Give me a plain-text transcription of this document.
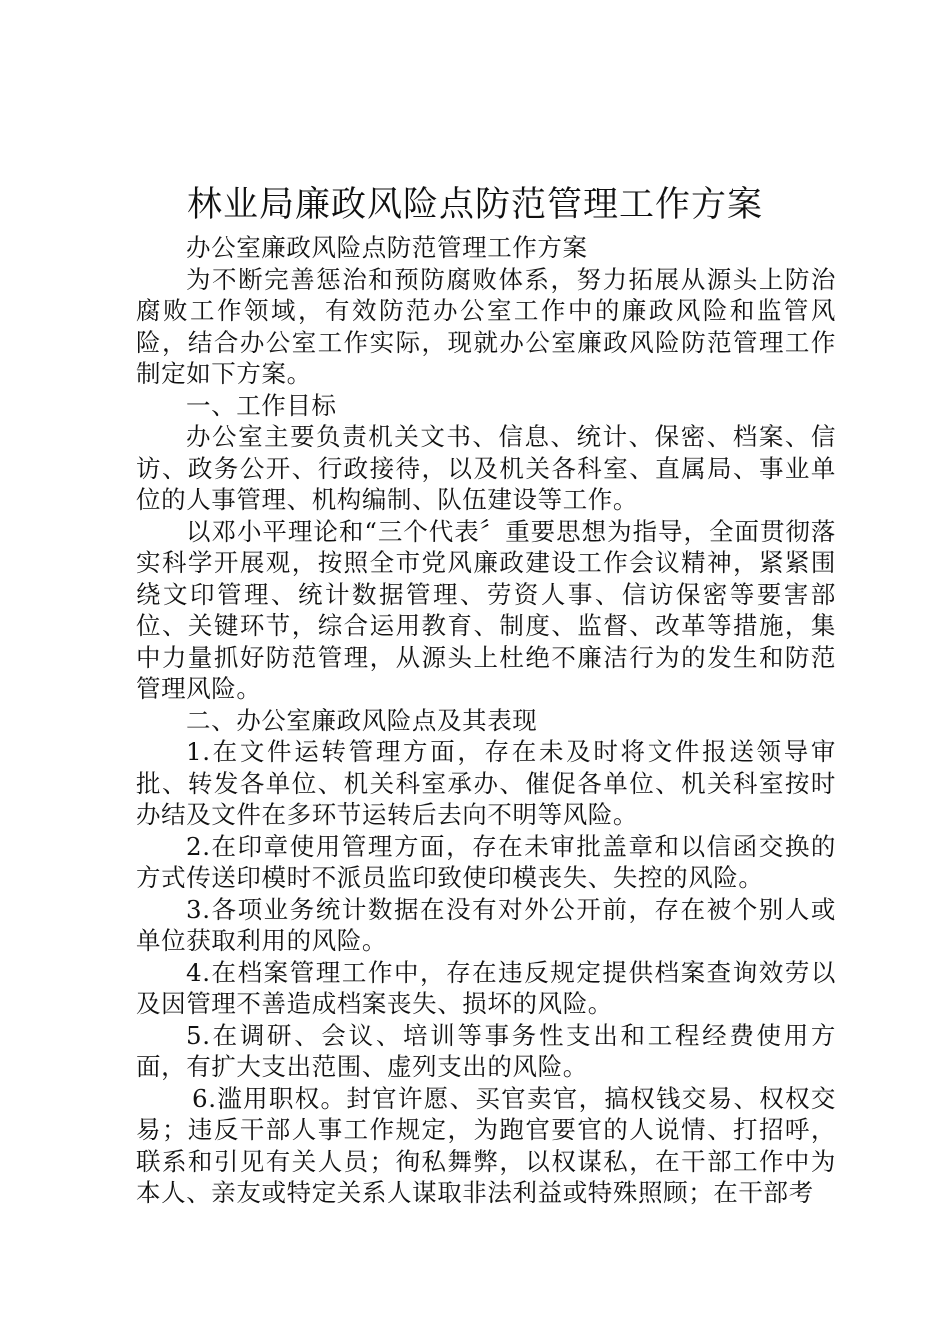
林业局廉政风险点防范管理工作方案

办公室廉政风险点防范管理工作方案

为不断完善惩治和预防腐败体系，努力拓展从源头上防治腐败工作领域，有效防范办公室工作中的廉政风险和监管风险，结合办公室工作实际，现就办公室廉政风险防范管理工作制定如下方案。

一、工作目标

办公室主要负责机关文书、信息、统计、保密、档案、信访、政务公开、行政接待，以及机关各科室、直属局、事业单位的人事管理、机构编制、队伍建设等工作。

以邓小平理论和“三个代表〞重要思想为指导，全面贯彻落实科学开展观，按照全市党风廉政建设工作会议精神，紧紧围绕文印管理、统计数据管理、劳资人事、信访保密等要害部位、关键环节，综合运用教育、制度、监督、改革等措施，集中力量抓好防范管理，从源头上杜绝不廉洁行为的发生和防范管理风险。

二、办公室廉政风险点及其表现

1.在文件运转管理方面，存在未及时将文件报送领导审批、转发各单位、机关科室承办、催促各单位、机关科室按时办结及文件在多环节运转后去向不明等风险。

2.在印章使用管理方面，存在未审批盖章和以信函交换的方式传送印模时不派员监印致使印模丧失、失控的风险。

3.各项业务统计数据在没有对外公开前，存在被个别人或单位获取利用的风险。

4.在档案管理工作中，存在违反规定提供档案查询效劳以及因管理不善造成档案丧失、损坏的风险。

5.在调研、会议、培训等事务性支出和工程经费使用方面，有扩大支出范围、虚列支出的风险。

6.滥用职权。封官许愿、买官卖官，搞权钱交易、权权交易；违反干部人事工作规定，为跑官要官的人说情、打招呼，联系和引见有关人员；徇私舞弊，以权谋私，在干部工作中为本人、亲友或特定关系人谋取非法利益或特殊照顾；在干部考
